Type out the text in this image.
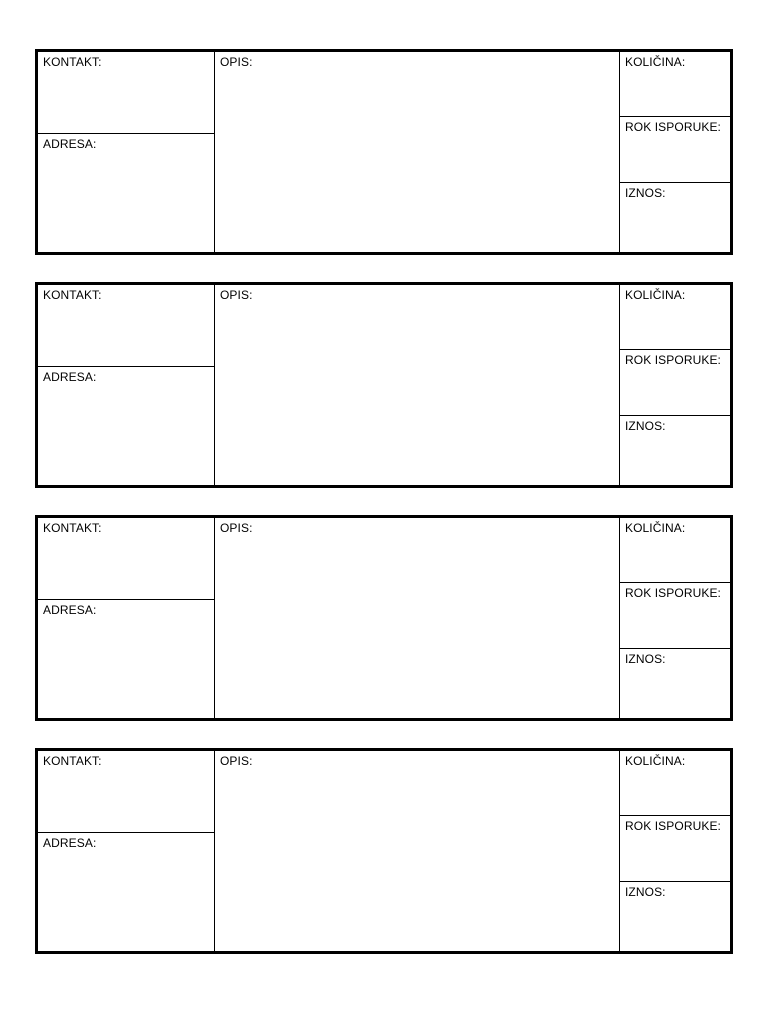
KONTAKT:
ADRESA:
OPIS:	KOLIČINA:
ROK ISPORUKE:
IZNOS:
KONTAKT:
ADRESA:
OPIS:	KOLIČINA:
ROK ISPORUKE:
IZNOS:
KONTAKT:
ADRESA:
OPIS:	KOLIČINA:
ROK ISPORUKE:
IZNOS:
KONTAKT:
ADRESA:
OPIS:	KOLIČINA:
ROK ISPORUKE:
IZNOS:
